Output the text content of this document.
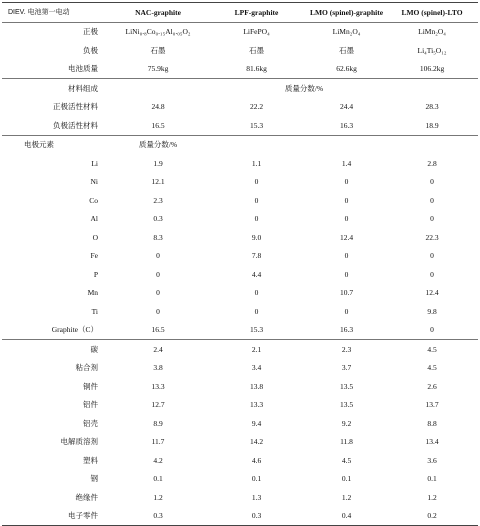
DIEV. 电池第一电动	NAC-graphite	LPF-graphite	LMO (spinel)-graphite	LMO (spinel)-LTO	
正极	LiNi₀.₈Co₀.₁₅Al₀.₀₅O₂	LiFePO₄	LiMn₂O₄	LiMn₂O₄	
负极	石墨	石墨	石墨	Li₄Ti₅O₁₂	
电池质量	75.9kg	81.6kg	62.6kg	106.2kg	
材料组成		质量分数/%			
正极活性材料	24.8	22.2	24.4	28.3	
负极活性材料	16.5	15.3	16.3	18.9	
电极元素	质量分数/%				
Li	1.9	1.1	1.4	2.8	
Ni	12.1	0	0	0	
Co	2.3	0	0	0	
Al	0.3	0	0	0	
O	8.3	9.0	12.4	22.3	
Fe	0	7.8	0	0	
P	0	4.4	0	0	
Mn	0	0	10.7	12.4	
Ti	0	0	0	9.8	
Graphite（C）	16.5	15.3	16.3	0	
碳	2.4	2.1	2.3	4.5	
粘合剂	3.8	3.4	3.7	4.5	
铜件	13.3	13.8	13.5	2.6	
铝件	12.7	13.3	13.5	13.7	
铝壳	8.9	9.4	9.2	8.8	
电解质溶剂	11.7	14.2	11.8	13.4	
塑料	4.2	4.6	4.5	3.6	
钢	0.1	0.1	0.1	0.1	
绝缘件	1.2	1.3	1.2	1.2	
电子零件	0.3	0.3	0.4	0.2	
